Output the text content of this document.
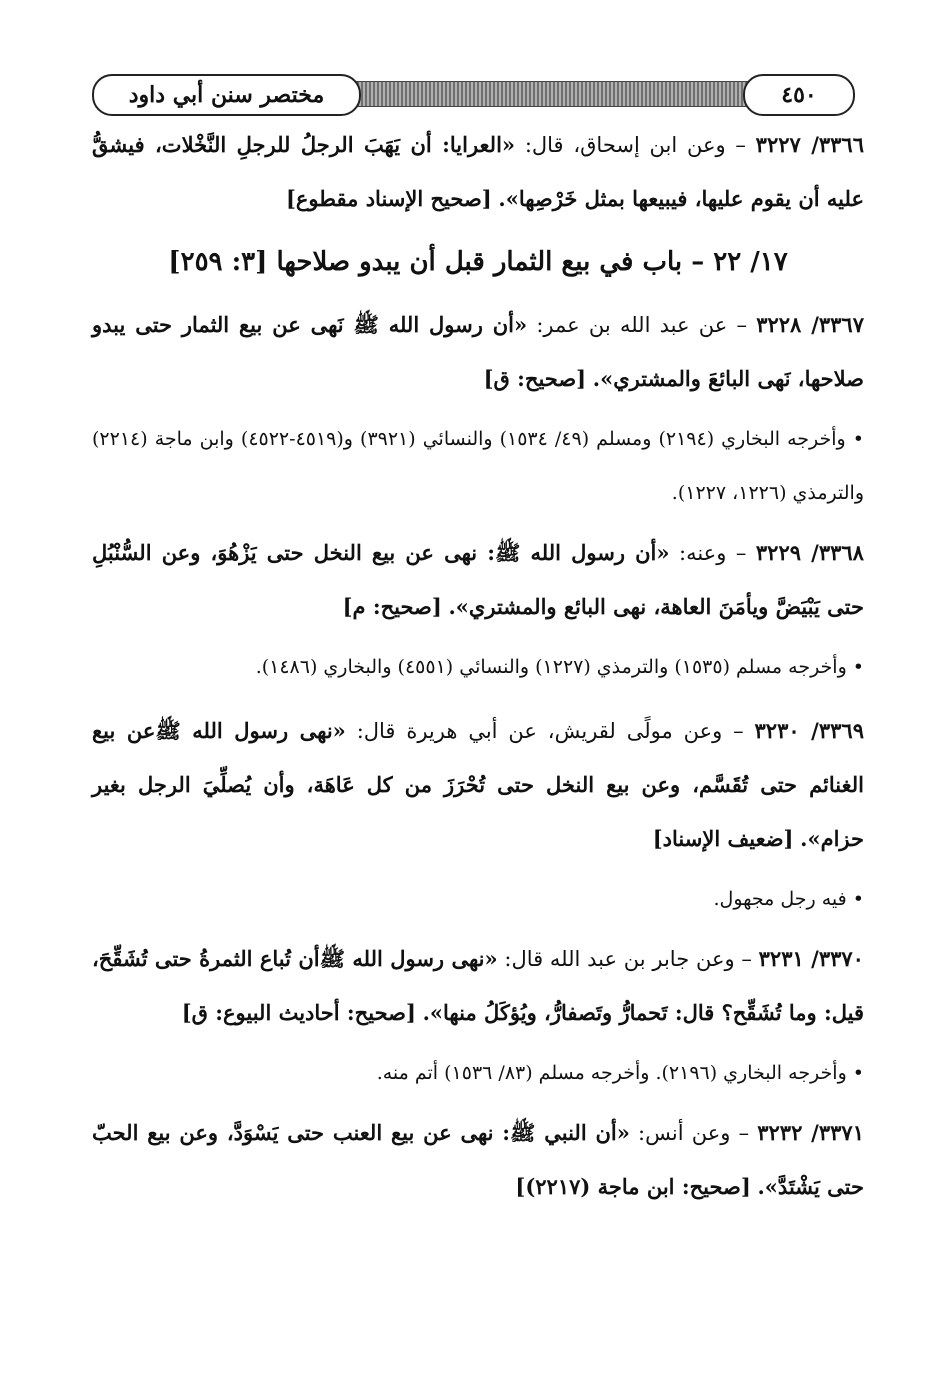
مختصر سنن أبي داود	٤٥٠

٣٣٦٦/ ٣٢٢٧ – وعن ابن إسحاق، قال: «العرايا: أن يَهَبَ الرجلُ للرجلِ النَّخْلات، فيشقُّ عليه أن يقوم عليها، فيبيعها بمثل خَرْصِها». [صحيح الإسناد مقطوع]

١٧/ ٢٢ – باب في بيع الثمار قبل أن يبدو صلاحها [٣: ٢٥٩]

٣٣٦٧/ ٣٢٢٨ – عن عبد الله بن عمر: «أن رسول الله ﷺ نَهى عن بيع الثمار حتى يبدو صلاحها، نَهى البائعَ والمشتري». [صحيح: ق]

• وأخرجه البخاري (٢١٩٤) ومسلم (٤٩/ ١٥٣٤) والنسائي (٣٩٢١) و(٤٥١٩-٤٥٢٢) وابن ماجة (٢٢١٤) والترمذي (١٢٢٦، ١٢٢٧).

٣٣٦٨/ ٣٢٢٩ – وعنه: «أن رسول الله ﷺ: نهى عن بيع النخل حتى يَزْهُوَ، وعن السُّنْبُلِ حتى يَبْيَضَّ ويأمَنَ العاهة، نهى البائع والمشتري». [صحيح: م]

• وأخرجه مسلم (١٥٣٥) والترمذي (١٢٢٧) والنسائي (٤٥٥١) والبخاري (١٤٨٦).

٣٣٦٩/ ٣٢٣٠ – وعن مولًى لقريش، عن أبي هريرة قال: «نهى رسول الله ﷺعن بيع الغنائم حتى تُقَسَّم، وعن بيع النخل حتى تُحْرَزَ من كل عَاهَة، وأن يُصلِّيَ الرجل بغير حزام». [ضعيف الإسناد]

• فيه رجل مجهول.

٣٣٧٠/ ٣٢٣١ – وعن جابر بن عبد الله قال: «نهى رسول الله ﷺأن تُباع الثمرةُ حتى تُشَقِّحَ، قيل: وما تُشَقِّح؟ قال: تَحمارُّ وتَصفارُّ، ويُؤكَلُ منها». [صحيح: أحاديث البيوع: ق]

• وأخرجه البخاري (٢١٩٦). وأخرجه مسلم (٨٣/ ١٥٣٦) أتم منه.

٣٣٧١/ ٣٢٣٢ – وعن أنس: «أن النبي ﷺ: نهى عن بيع العنب حتى يَسْوَدَّ، وعن بيع الحبّ حتى يَشْتَدَّ». [صحيح: ابن ماجة (٢٢١٧)]
